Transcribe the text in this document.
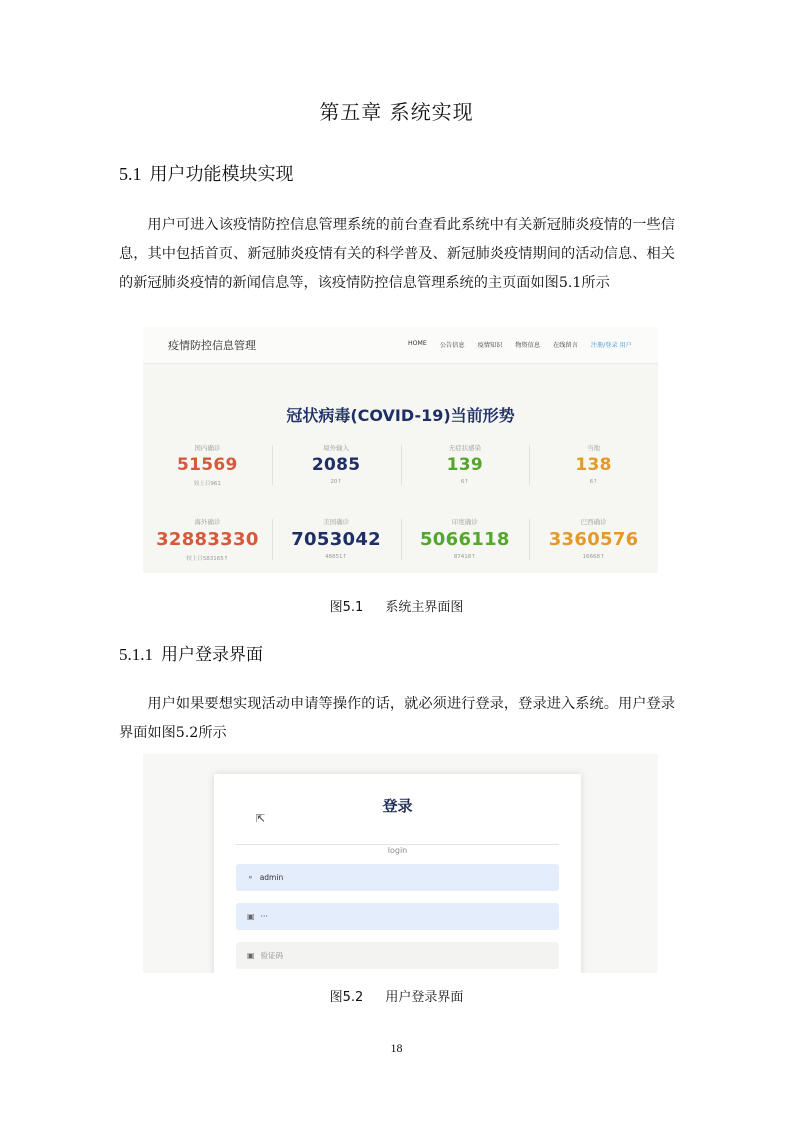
第五章 系统实现
5.1 用户功能模块实现

用户可进入该疫情防控信息管理系统的前台查看此系统中有关新冠肺炎疫情的一些信息，其中包括首页、新冠肺炎疫情有关的科学普及、新冠肺炎疫情期间的活动信息、相关的新冠肺炎疫情的新闻信息等，该疫情防控信息管理系统的主页面如图5.1所示

疫情防控信息管理	HOME 公告信息 疫情知识 物资信息 在线留言 注册/登录 用户
冠状病毒(COVID-19)当前形势
国内确诊
51569
较上日961
境外输入
2085
20↑
无症状感染
139
6↑
当地
138
6↑
海外确诊
32883330
较上日583165↑
美国确诊
7053042
48851↑
印度确诊
5066118
87418↑
巴西确诊
3360576
16668↑
图5.1 系统主界面图
5.1.1 用户登录界面

用户如果要想实现活动申请等操作的话，就必须进行登录，登录进入系统。用户登录界面如图5.2所示

登录
⇱
login
⚬ admin
▣ ···
▣ 验证码
图5.2 用户登录界面
18
